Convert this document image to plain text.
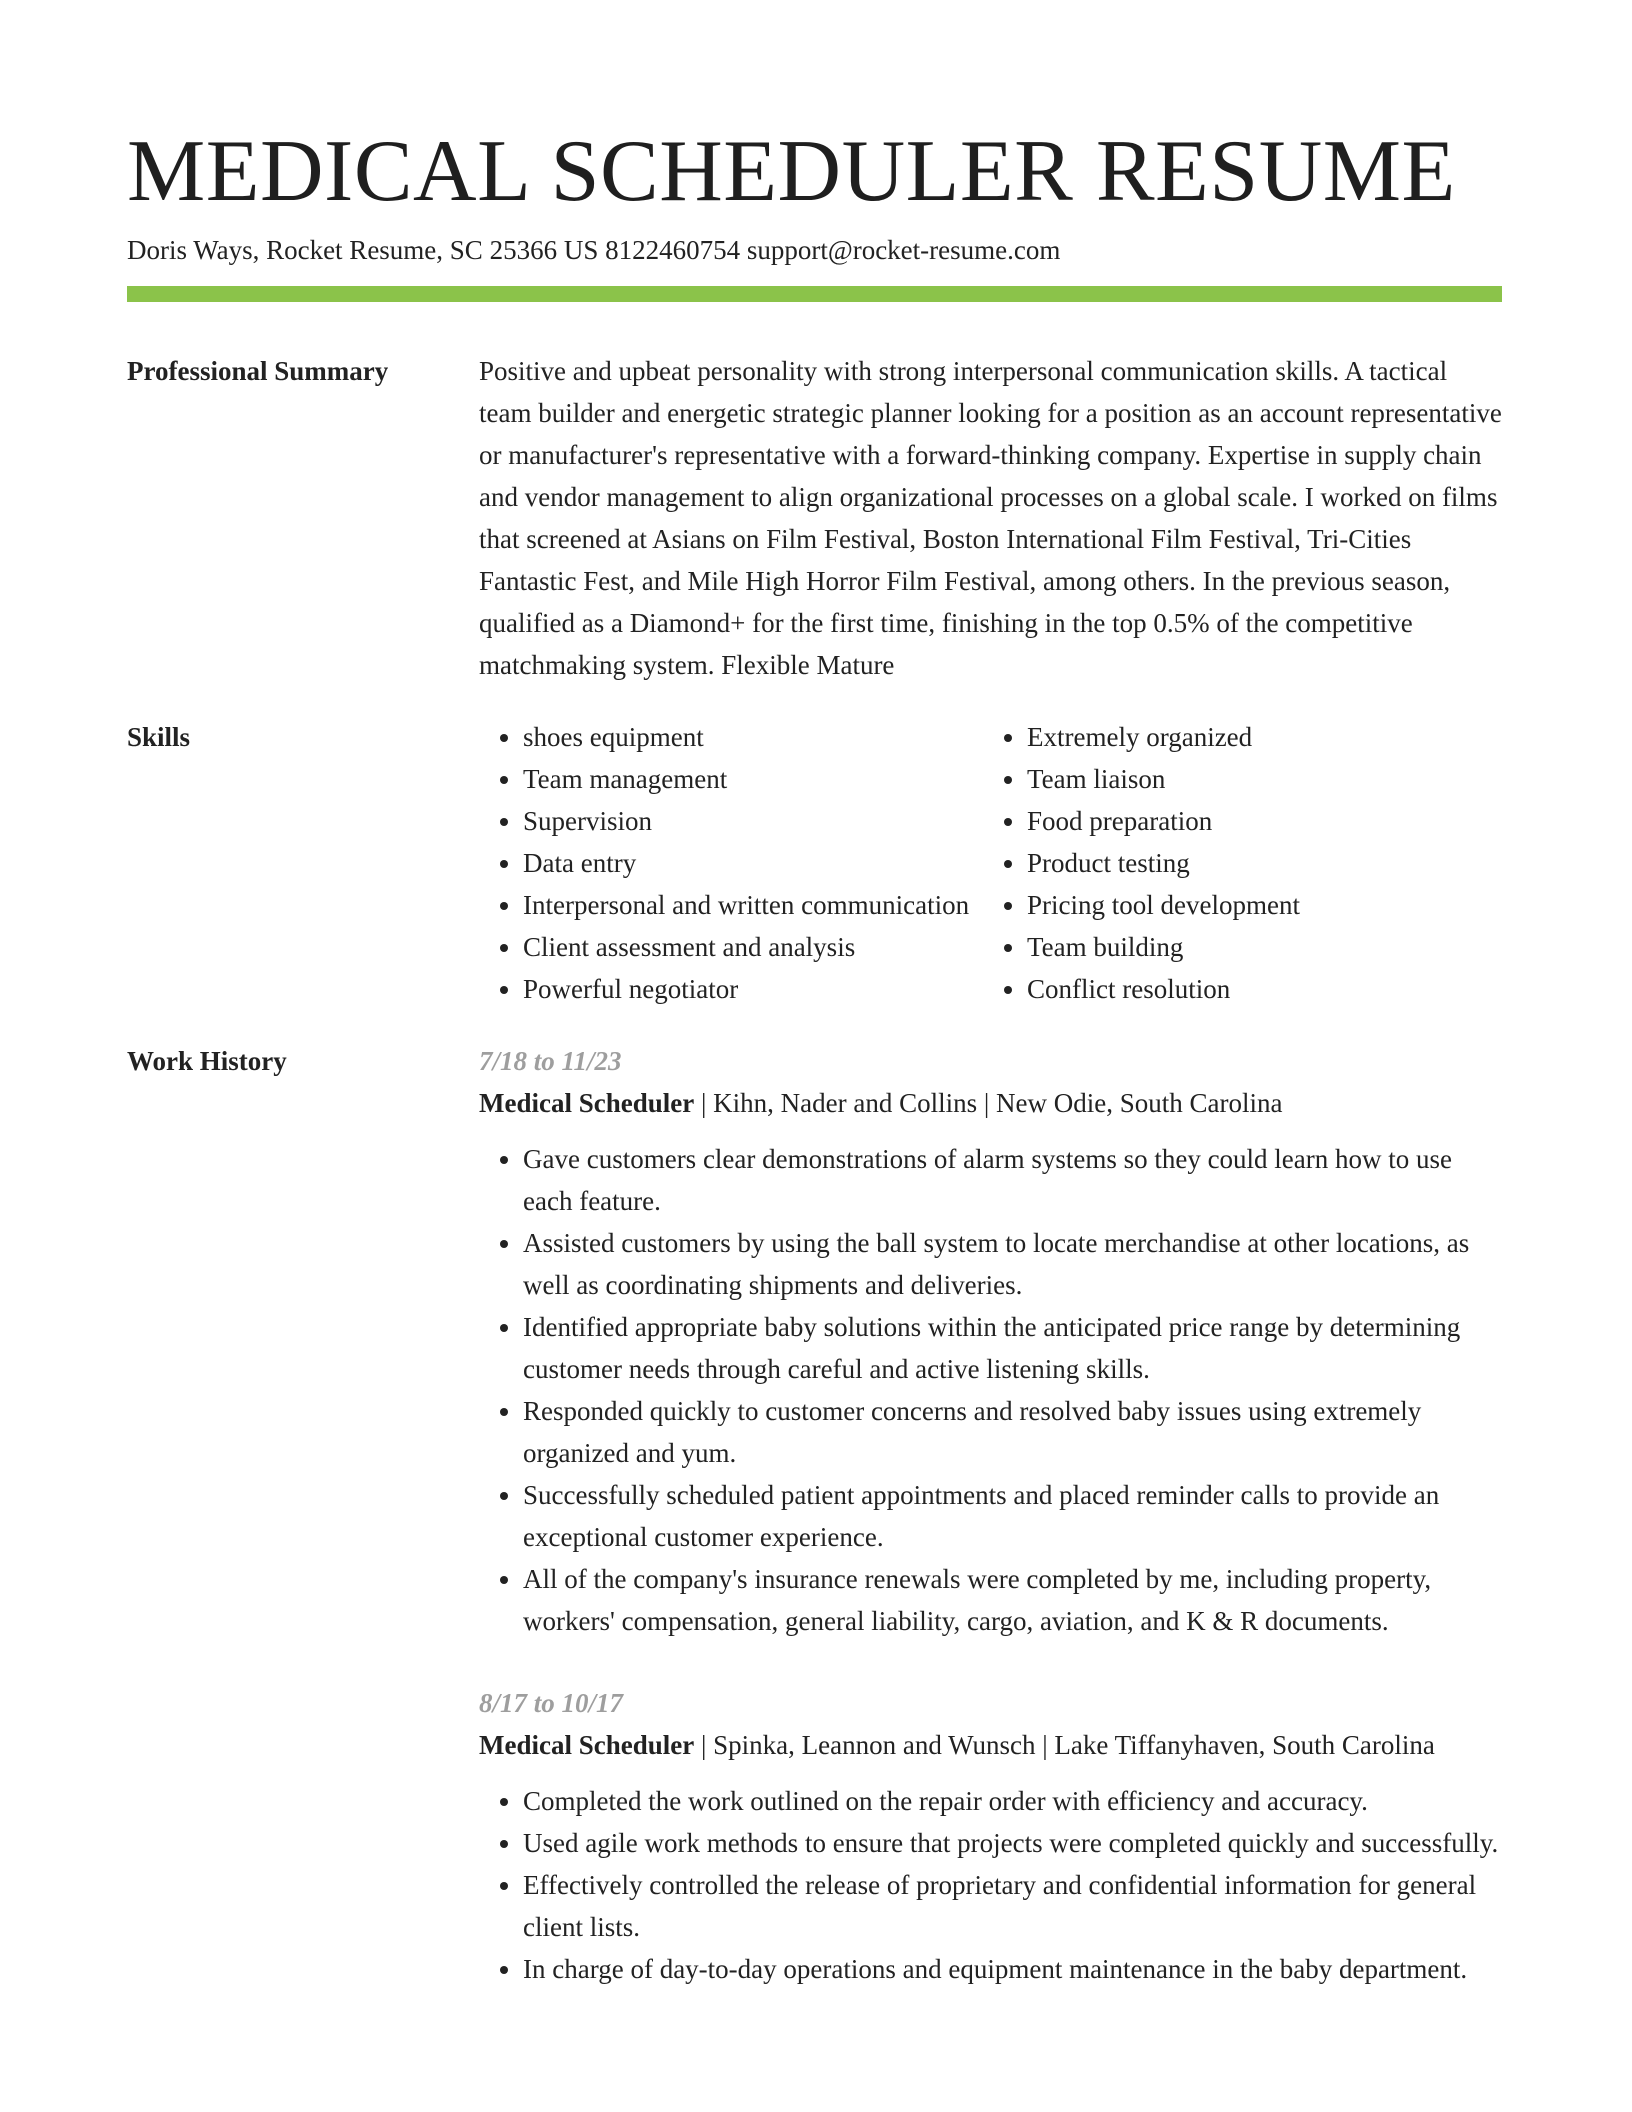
MEDICAL SCHEDULER RESUME
Doris Ways, Rocket Resume, SC 25366 US 8122460754 support@rocket-resume.com
Professional Summary	Positive and upbeat personality with strong interpersonal communication skills. A tactical team builder and energetic strategic planner looking for a position as an account representative or manufacturer's representative with a forward-thinking company. Expertise in supply chain and vendor management to align organizational processes on a global scale. I worked on films that screened at Asians on Film Festival, Boston International Film Festival, Tri-Cities Fantastic Fest, and Mile High Horror Film Festival, among others. In the previous season, qualified as a Diamond+ for the first time, finishing in the top 0.5% of the competitive matchmaking system. Flexible Mature

Skills
•	shoes equipment
• Team management
• Supervision
• Data entry
• Interpersonal and written communication
• Client assessment and analysis
• Powerful negotiator
• Extremely organized
• Team liaison
• Food preparation
• Product testing
• Pricing tool development
• Team building
• Conflict resolution
Work History	7/18 to 11/23
Medical Scheduler | Kihn, Nader and Collins | New Odie, South Carolina
• Gave customers clear demonstrations of alarm systems so they could learn how to use each feature.
• Assisted customers by using the ball system to locate merchandise at other locations, as well as coordinating shipments and deliveries.
• Identified appropriate baby solutions within the anticipated price range by determining customer needs through careful and active listening skills.
• Responded quickly to customer concerns and resolved baby issues using extremely organized and yum.
• Successfully scheduled patient appointments and placed reminder calls to provide an exceptional customer experience.
• All of the company's insurance renewals were completed by me, including property, workers' compensation, general liability, cargo, aviation, and K & R documents.
8/17 to 10/17
Medical Scheduler | Spinka, Leannon and Wunsch | Lake Tiffanyhaven, South Carolina
• Completed the work outlined on the repair order with efficiency and accuracy.
• Used agile work methods to ensure that projects were completed quickly and successfully.
• Effectively controlled the release of proprietary and confidential information for general client lists.
• In charge of day-to-day operations and equipment maintenance in the baby department.
